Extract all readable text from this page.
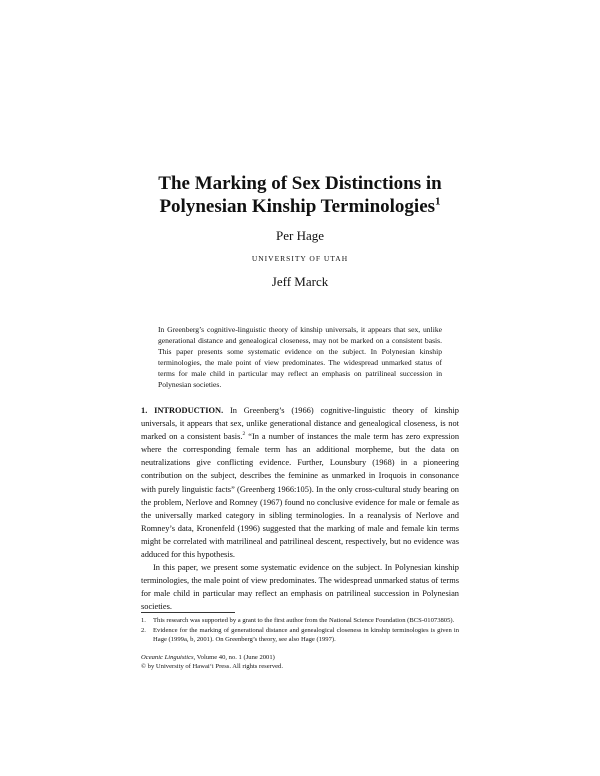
The Marking of Sex Distinctions in
Polynesian Kinship Terminologies$^1$
Per Hage
UNIVERSITY OF UTAH
Jeff Marck
In Greenberg’s cognitive-linguistic theory of kinship universals, it appears that sex, unlike generational distance and genealogical closeness, may not be marked on a consistent basis. This paper presents some systematic evidence on the subject. In Polynesian kinship terminologies, the male point of view predominates. The widespread unmarked status of terms for male child in particular may reflect an emphasis on patrilineal succession in Polynesian societies.

1. INTRODUCTION. In Greenberg’s (1966) cognitive-linguistic theory of kinship universals, it appears that sex, unlike generational distance and genealogical closeness, is not marked on a consistent basis.$^2$ “In a number of instances the male term has zero expression where the corresponding female term has an additional morpheme, but the data on neutralizations give conflicting evidence. Further, Lounsbury (1968) in a pioneering contribution on the subject, describes the feminine as unmarked in Iroquois in consonance with purely linguistic facts” (Greenberg 1966:105). In the only cross-cultural study bearing on the problem, Nerlove and Romney (1967) found no conclusive evidence for male or female as the universally marked category in sibling terminologies. In a reanalysis of Nerlove and Romney’s data, Kronenfeld (1996) suggested that the marking of male and female kin terms might be correlated with matrilineal and patrilineal descent, respectively, but no evidence was adduced for this hypothesis.

In this paper, we present some systematic evidence on the subject. In Polynesian kinship terminologies, the male point of view predominates. The widespread unmarked status of terms for male child in particular may reflect an emphasis on patrilineal succession in Polynesian societies.

1.	This research was supported by a grant to the first author from the National Science Foundation (BCS-01073805).
2.	Evidence for the marking of generational distance and genealogical closeness in kinship terminologies is given in Hage (1999a, b, 2001). On Greenberg’s theory, see also Hage (1997).
Oceanic Linguistics, Volume 40, no. 1 (June 2001)
© by University of Hawai‘i Press. All rights reserved.
